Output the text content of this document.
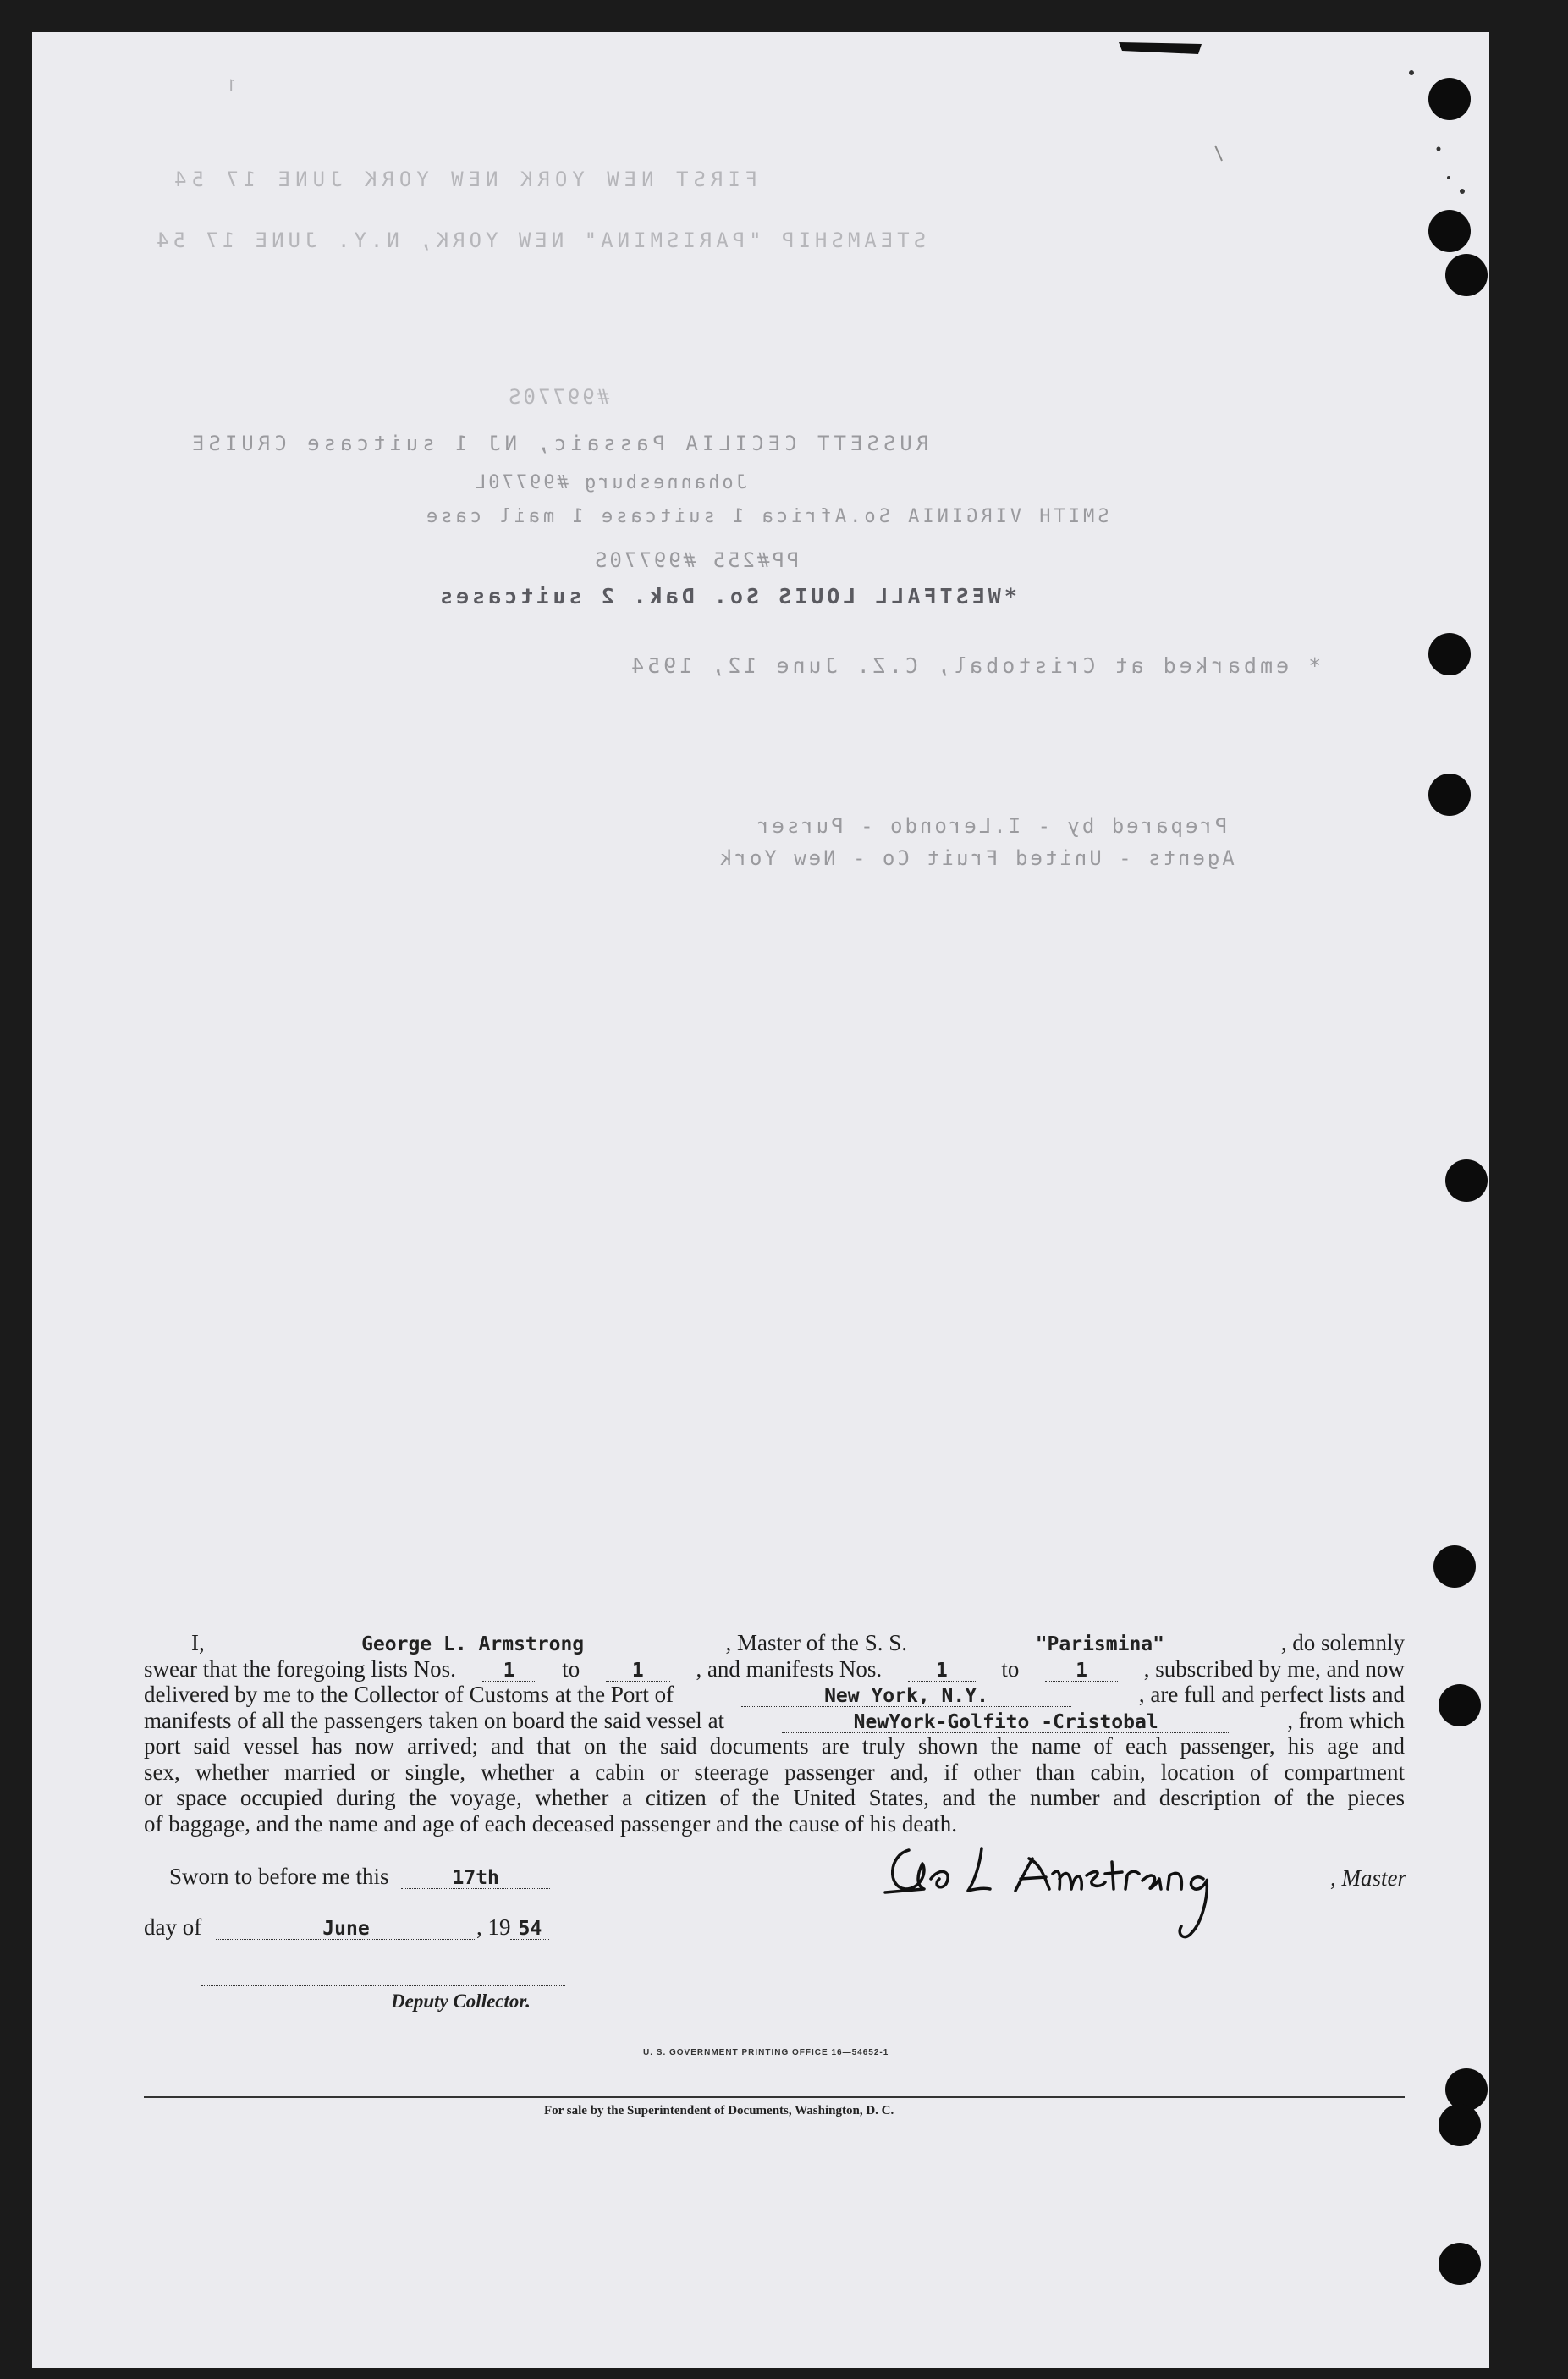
1
FIRST NEW YORK NEW YORK JUNE 17 54
STEAMSHIP "PARISMINA" NEW YORK, N.Y. JUNE 17 54
#99770S
RUSSETT CECILIA Passaic, NJ 1 suitcase CRUISE
Johannesburg #99770L
SMITH VIRGINIA So.Africa 1 suitcase 1 mail case
PP#255 #99770S
*WESTFALL LOUIS So. Dak. 2 suitcases
* embarked at Cristobal, C.Z. June 12, 1954
Prepared by - I.Lerondo - Purser
Agents - United Fruit Co - New York
I,	George L. Armstrong	, Master of the S. S.	"Parismina"	, do solemnly
swear that the foregoing lists Nos.	1	to	1	, and manifests Nos.	1	to	1	, subscribed by me, and now
delivered by me to the Collector of Customs at the Port of	New York, N.Y.	, are full and perfect lists and
manifests of all the passengers taken on board the said vessel at	NewYork-Golfito -Cristobal	, from which
port said vessel has now arrived; and that on the said documents are truly shown the name of each passenger, his age and
sex, whether married or single, whether a cabin or steerage passenger and, if other than cabin, location of compartment
or space occupied during the voyage, whether a citizen of the United States, and the number and description of the pieces
of baggage, and the name and age of each deceased passenger and the cause of his death.
Sworn to before me this	17th
day of	June	, 19 54
Deputy Collector.
, Master
U. S. GOVERNMENT PRINTING OFFICE 16—54652-1
For sale by the Superintendent of Documents, Washington, D. C.
